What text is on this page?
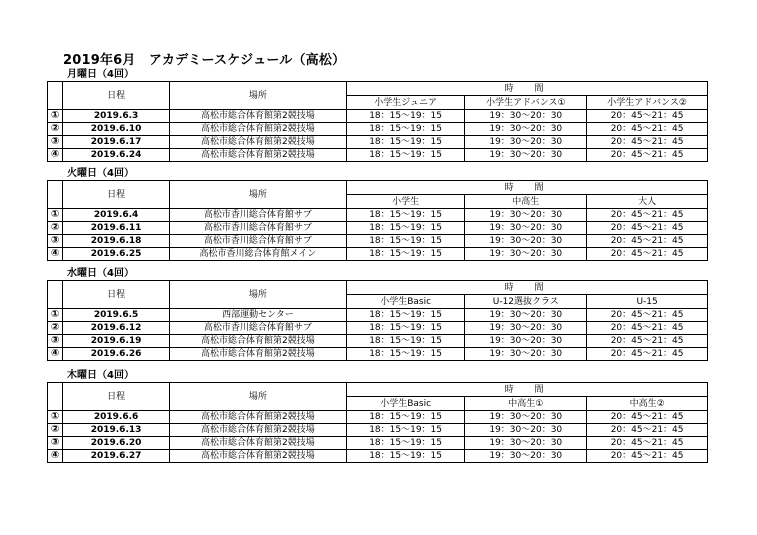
2019年6月　アカデミースケジュール（高松）
月曜日（4回）
	日程	場所	時　間		
			小学生ジュニア	小学生アドバンス①	小学生アドバンス②
①	2019.6.3	高松市総合体育館第2競技場	18：15～19：15	19：30～20：30	20：45～21：45
②	2019.6.10	高松市総合体育館第2競技場	18：15～19：15	19：30～20：30	20：45～21：45
③	2019.6.17	高松市総合体育館第2競技場	18：15～19：15	19：30～20：30	20：45～21：45
④	2019.6.24	高松市総合体育館第2競技場	18：15～19：15	19：30～20：30	20：45～21：45
火曜日（4回）
	日程	場所	時　間		
			小学生	中高生	大人
①	2019.6.4	高松市香川総合体育館サブ	18：15～19：15	19：30～20：30	20：45～21：45
②	2019.6.11	高松市香川総合体育館サブ	18：15～19：15	19：30～20：30	20：45～21：45
③	2019.6.18	高松市香川総合体育館サブ	18：15～19：15	19：30～20：30	20：45～21：45
④	2019.6.25	高松市香川総合体育館メイン	18：15～19：15	19：30～20：30	20：45～21：45
水曜日（4回）
	日程	場所	時　間		
			小学生Basic	U-12選抜クラス	U-15
①	2019.6.5	西部運動センター	18：15～19：15	19：30～20：30	20：45～21：45
②	2019.6.12	高松市香川総合体育館サブ	18：15～19：15	19：30～20：30	20：45～21：45
③	2019.6.19	高松市総合体育館第2競技場	18：15～19：15	19：30～20：30	20：45～21：45
④	2019.6.26	高松市総合体育館第2競技場	18：15～19：15	19：30～20：30	20：45～21：45
木曜日（4回）
	日程	場所	時　間		
			小学生Basic	中高生①	中高生②
①	2019.6.6	高松市総合体育館第2競技場	18：15～19：15	19：30～20：30	20：45～21：45
②	2019.6.13	高松市総合体育館第2競技場	18：15～19：15	19：30～20：30	20：45～21：45
③	2019.6.20	高松市総合体育館第2競技場	18：15～19：15	19：30～20：30	20：45～21：45
④	2019.6.27	高松市総合体育館第2競技場	18：15～19：15	19：30～20：30	20：45～21：45
